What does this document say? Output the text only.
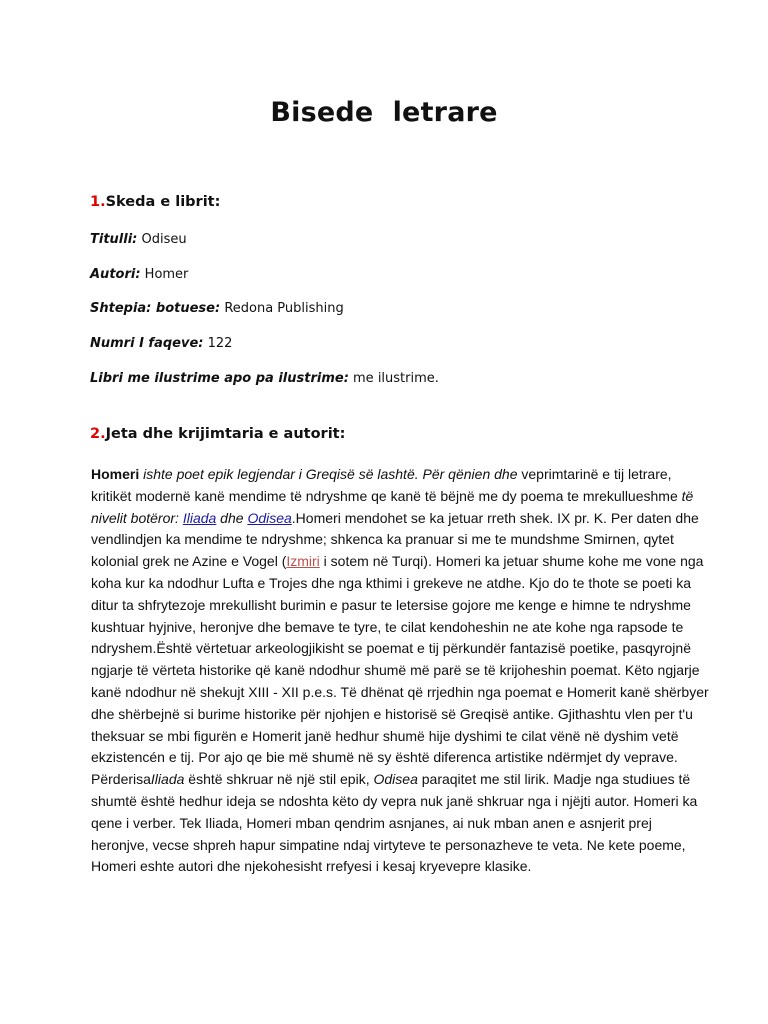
Bisede  letrare
1.Skeda e librit:
Titulli: Odiseu
Autori: Homer
Shtepia: botuese: Redona Publishing
Numri I faqeve: 122
Libri me ilustrime apo pa ilustrime: me ilustrime.
2.Jeta dhe krijimtaria e autorit:
Homeri ishte poet epik legjendar i Greqisë së lashtë. Për qënien dhe veprimtarinë e tij letrare,
kritikët modernë kanë mendime të ndryshme qe kanë të bëjnë me dy poema te mrekullueshme të
nivelit botëror: Iliada dhe Odisea.Homeri mendohet se ka jetuar rreth shek. IX pr. K. Per daten dhe
vendlindjen ka mendime te ndryshme; shkenca ka pranuar si me te mundshme Smirnen, qytet
kolonial grek ne Azine e Vogel (Izmiri i sotem në Turqi). Homeri ka jetuar shume kohe me vone nga
koha kur ka ndodhur Lufta e Trojes dhe nga kthimi i grekeve ne atdhe. Kjo do te thote se poeti ka
ditur ta shfrytezoje mrekullisht burimin e pasur te letersise gojore me kenge e himne te ndryshme
kushtuar hyjnive, heronjve dhe bemave te tyre, te cilat kendoheshin ne ate kohe nga rapsode te
ndryshem.Është vërtetuar arkeologjikisht se poemat e tij përkundër fantazisë poetike, pasqyrojnë
ngjarje të vërteta historike që kanë ndodhur shumë më parë se të krijoheshin poemat. Këto ngjarje
kanë ndodhur në shekujt XIII - XII p.e.s. Të dhënat që rrjedhin nga poemat e Homerit kanë shërbyer
dhe shërbejnë si burime historike për njohjen e historisë së Greqisë antike. Gjithashtu vlen per t'u
theksuar se mbi figurën e Homerit janë hedhur shumë hije dyshimi te cilat vënë në dyshim vetë
ekzistencén e tij. Por ajo qe bie më shumë në sy është diferenca artistike ndërmjet dy veprave.
PërderisaIliada është shkruar në një stil epik, Odisea paraqitet me stil lirik. Madje nga studiues të
shumtë është hedhur ideja se ndoshta këto dy vepra nuk janë shkruar nga i njëjti autor. Homeri ka
qene i verber. Tek Iliada, Homeri mban qendrim asnjanes, ai nuk mban anen e asnjerit prej
heronjve, vecse shpreh hapur simpatine ndaj virtyteve te personazheve te veta. Ne kete poeme,
Homeri eshte autori dhe njekohesisht rrefyesi i kesaj kryevepre klasike.
